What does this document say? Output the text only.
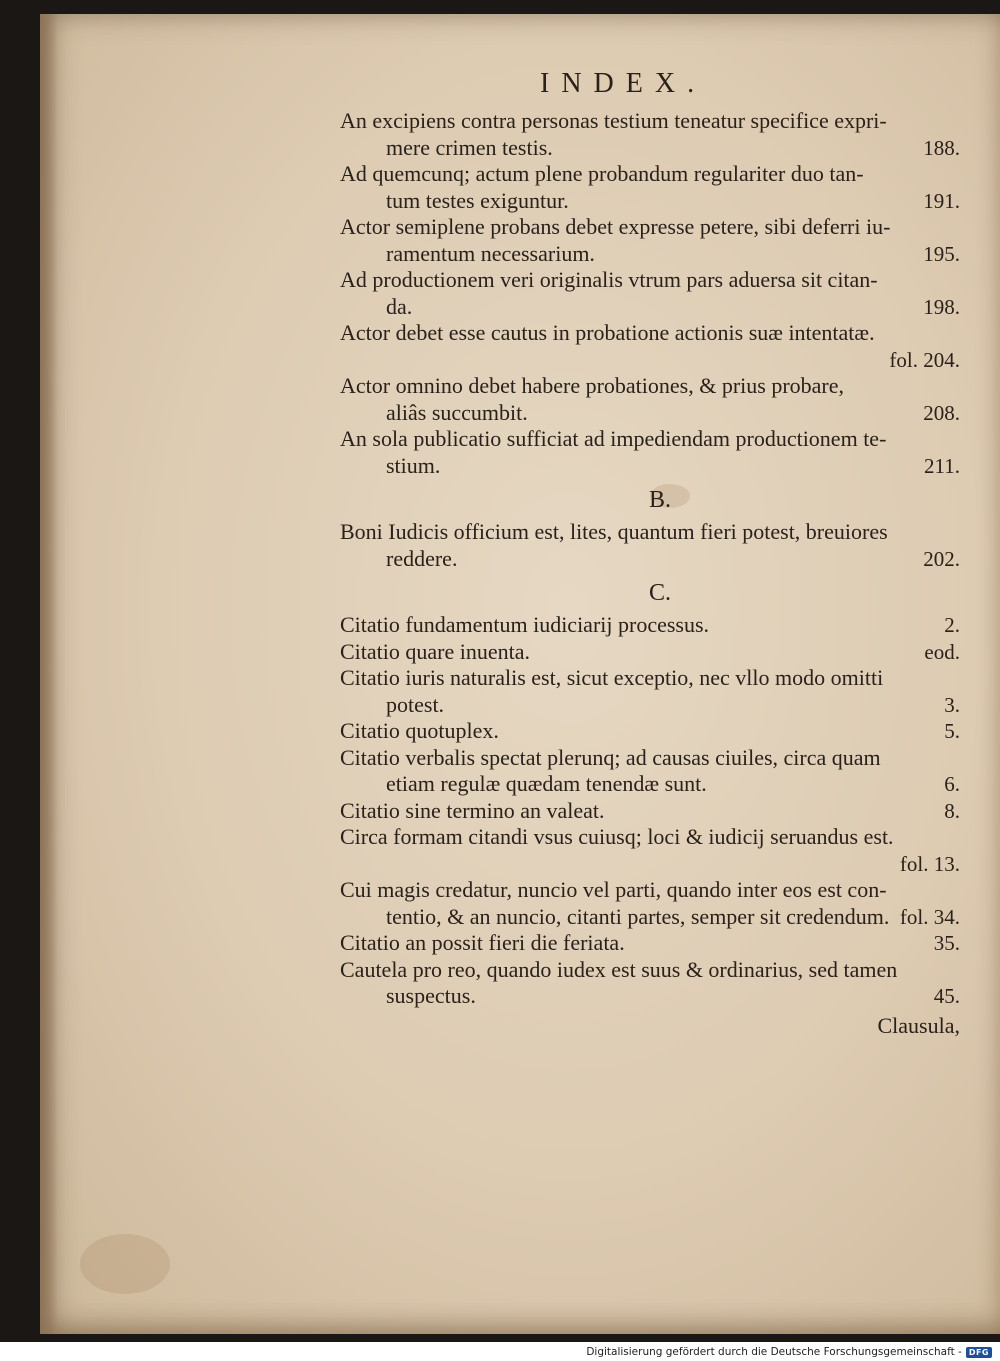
INDEX.
An excipiens contra personas testium teneatur specifice expri-
mere crimen testis.	188.
Ad quemcunq; actum plene probandum regulariter duo tan-
tum testes exiguntur.	191.
Actor semiplene probans debet expresse petere, sibi deferri iu-
ramentum necessarium.	195.
Ad productionem veri originalis vtrum pars aduersa sit citan-
da.	198.
Actor debet esse cautus in probatione actionis suæ intentatæ.
fol. 204.
Actor omnino debet habere probationes, & prius probare,
aliâs succumbit.	208.
An sola publicatio sufficiat ad impediendam productionem te-
stium.	211.
B.
Boni Iudicis officium est, lites, quantum fieri potest, breuiores
reddere.	202.
C.
Citatio fundamentum iudiciarij processus.	2.
Citatio quare inuenta.	eod.
Citatio iuris naturalis est, sicut exceptio, nec vllo modo omitti
potest.	3.
Citatio quotuplex.	5.
Citatio verbalis spectat plerunq; ad causas ciuiles, circa quam
etiam regulæ quædam tenendæ sunt.	6.
Citatio sine termino an valeat.	8.
Circa formam citandi vsus cuiusq; loci & iudicij seruandus est.
fol. 13.
Cui magis credatur, nuncio vel parti, quando inter eos est con-
tentio, & an nuncio, citanti partes, semper sit credendum. fol. 34.
Citatio an possit fieri die feriata.	35.
Cautela pro reo, quando iudex est suus & ordinarius, sed tamen
suspectus.	45.
Clausula,
Digitalisierung gefördert durch die Deutsche Forschungsgemeinschaft - DFG
